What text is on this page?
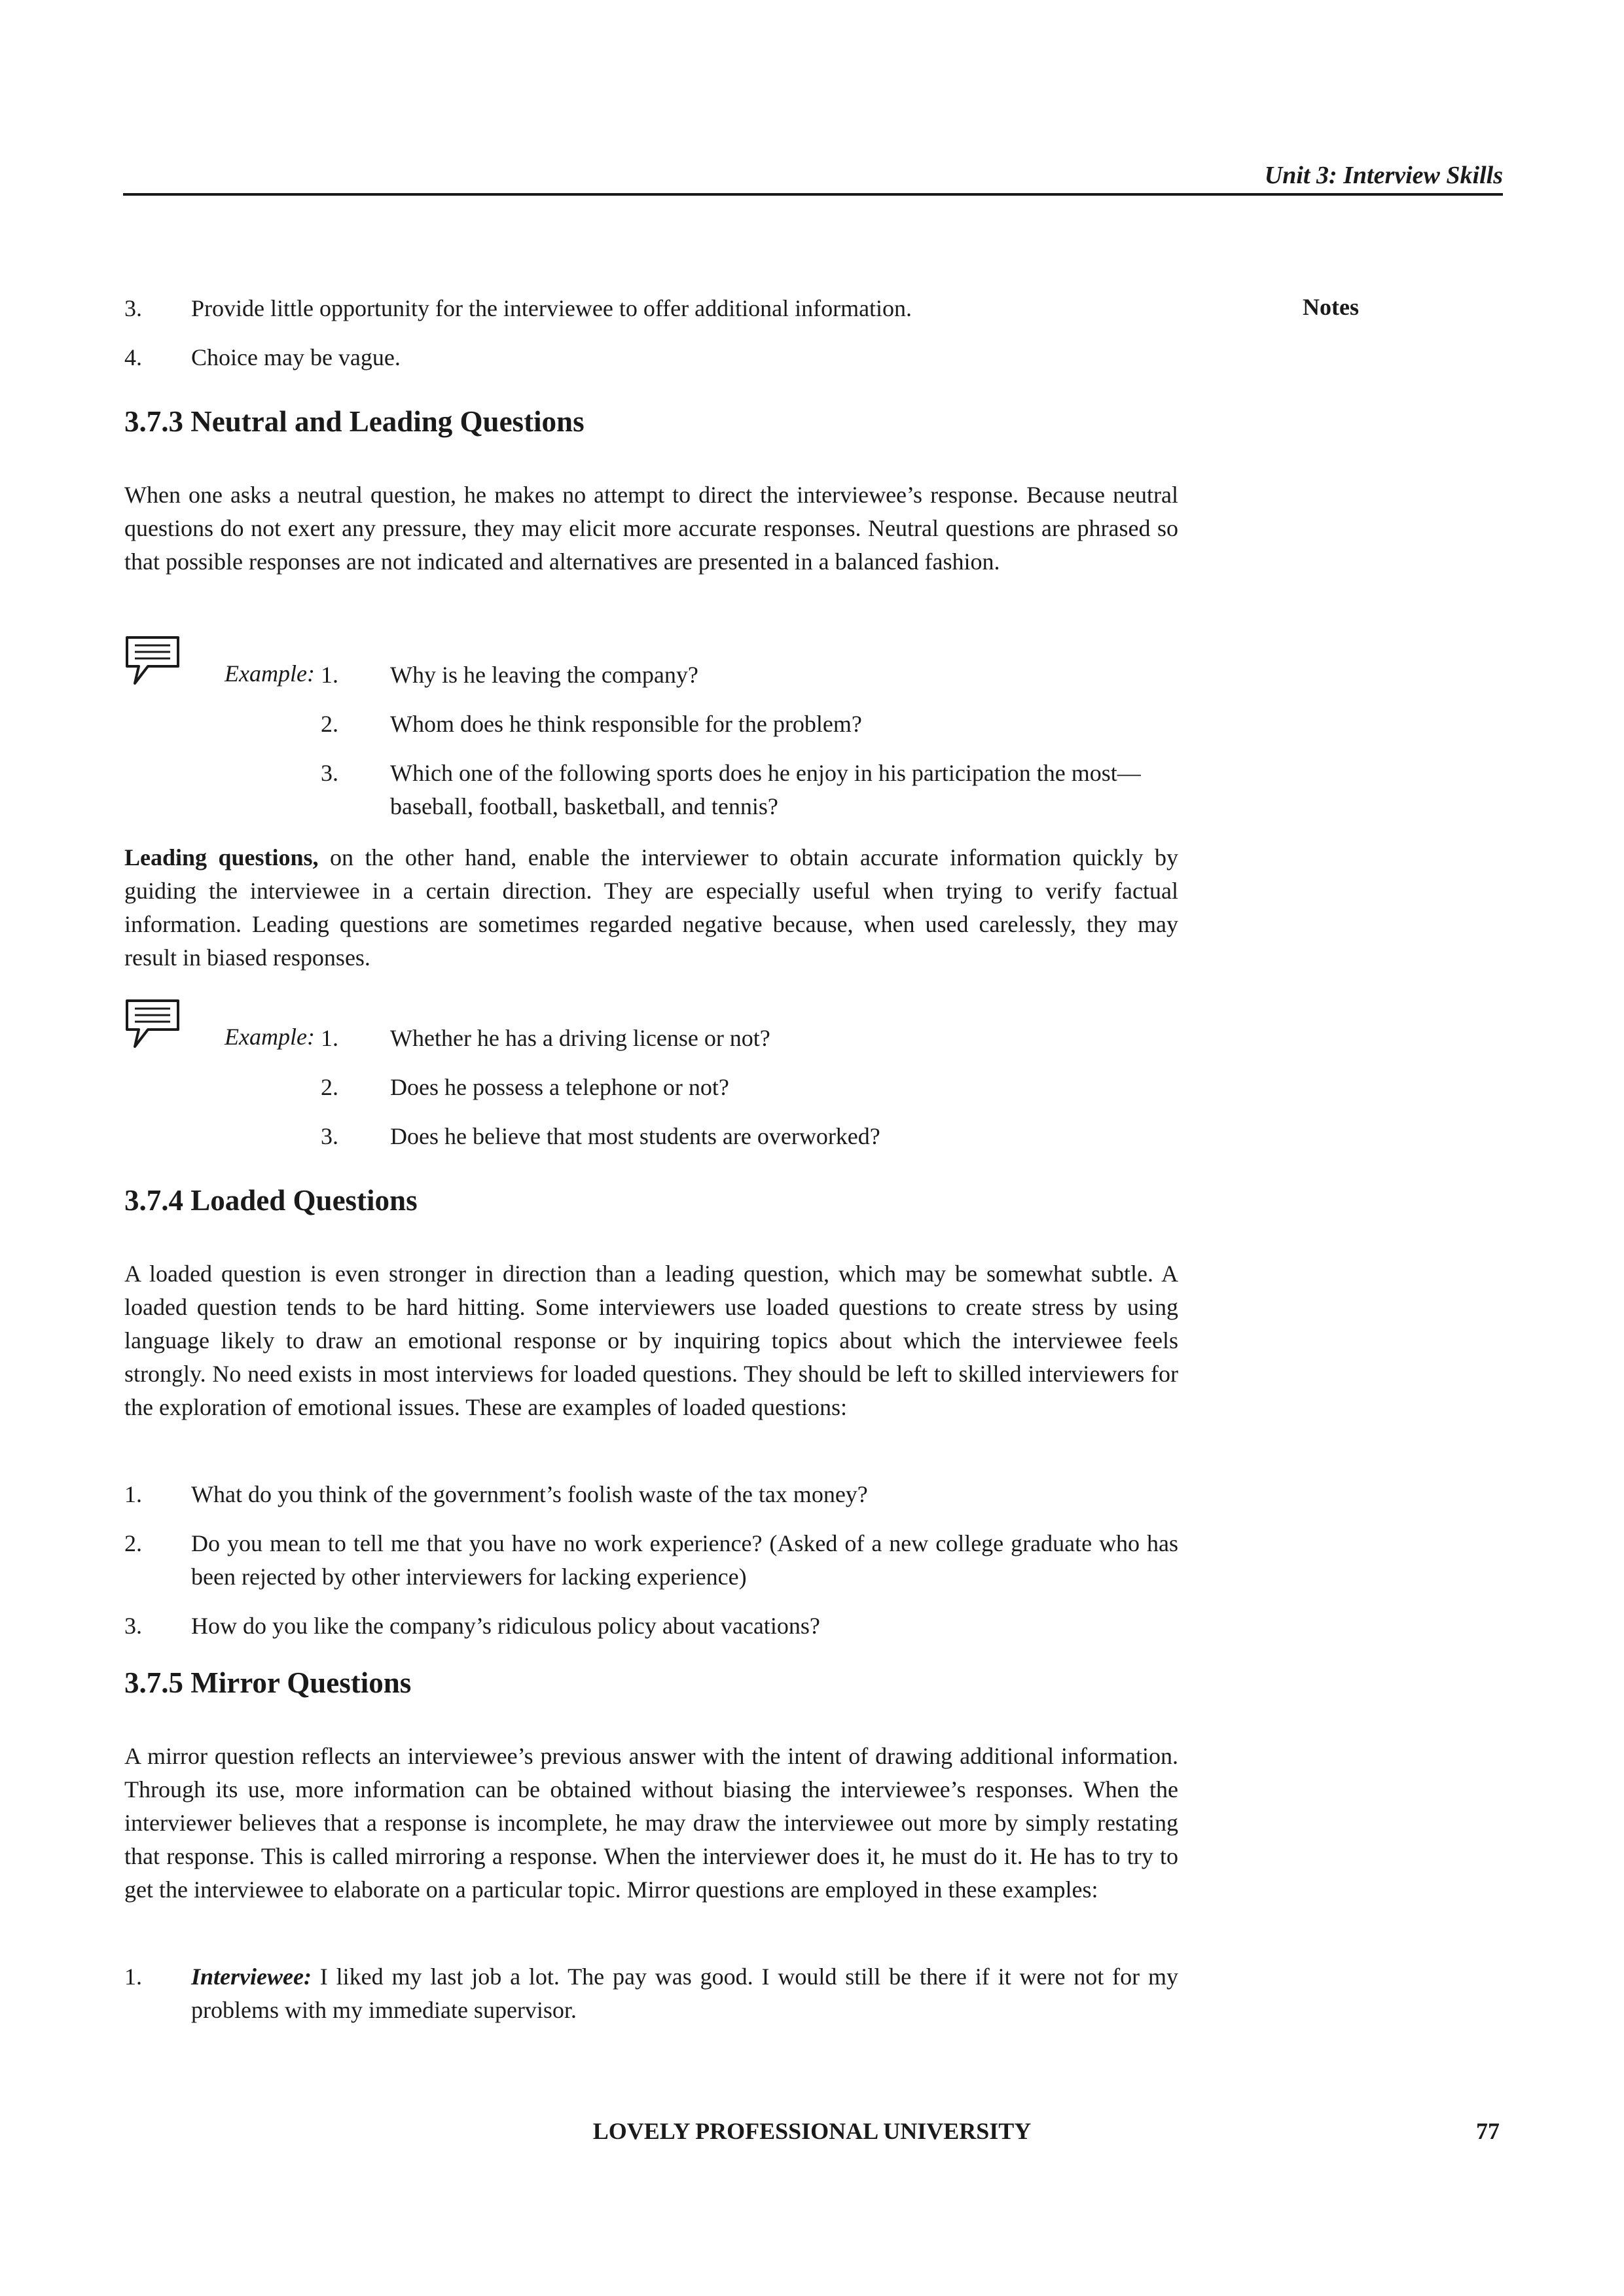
Unit 3: Interview Skills
Notes
3. Provide little opportunity for the interviewee to offer additional information.
4. Choice may be vague.
3.7.3 Neutral and Leading Questions

When one asks a neutral question, he makes no attempt to direct the interviewee’s response. Because neutral questions do not exert any pressure, they may elicit more accurate responses. Neutral questions are phrased so that possible responses are not indicated and alternatives are presented in a balanced fashion.

Example: 1. Why is he leaving the company?
2. Whom does he think responsible for the problem?
3. Which one of the following sports does he enjoy in his participation the most—baseball, football, basketball, and tennis?

Leading questions, on the other hand, enable the interviewer to obtain accurate information quickly by guiding the interviewee in a certain direction. They are especially useful when trying to verify factual information. Leading questions are sometimes regarded negative because, when used carelessly, they may result in biased responses.

Example: 1. Whether he has a driving license or not?
2. Does he possess a telephone or not?
3. Does he believe that most students are overworked?
3.7.4 Loaded Questions

A loaded question is even stronger in direction than a leading question, which may be somewhat subtle. A loaded question tends to be hard hitting. Some interviewers use loaded questions to create stress by using language likely to draw an emotional response or by inquiring topics about which the interviewee feels strongly. No need exists in most interviews for loaded questions. They should be left to skilled interviewers for the exploration of emotional issues. These are examples of loaded questions:

1. What do you think of the government’s foolish waste of the tax money?
2. Do you mean to tell me that you have no work experience? (Asked of a new college graduate who has been rejected by other interviewers for lacking experience)
3. How do you like the company’s ridiculous policy about vacations?
3.7.5 Mirror Questions

A mirror question reflects an interviewee’s previous answer with the intent of drawing additional information. Through its use, more information can be obtained without biasing the interviewee’s responses. When the interviewer believes that a response is incomplete, he may draw the interviewee out more by simply restating that response. This is called mirroring a response. When the interviewer does it, he must do it. He has to try to get the interviewee to elaborate on a particular topic. Mirror questions are employed in these examples:

1. Interviewee: I liked my last job a lot. The pay was good. I would still be there if it were not for my problems with my immediate supervisor.
LOVELY PROFESSIONAL UNIVERSITY	77
